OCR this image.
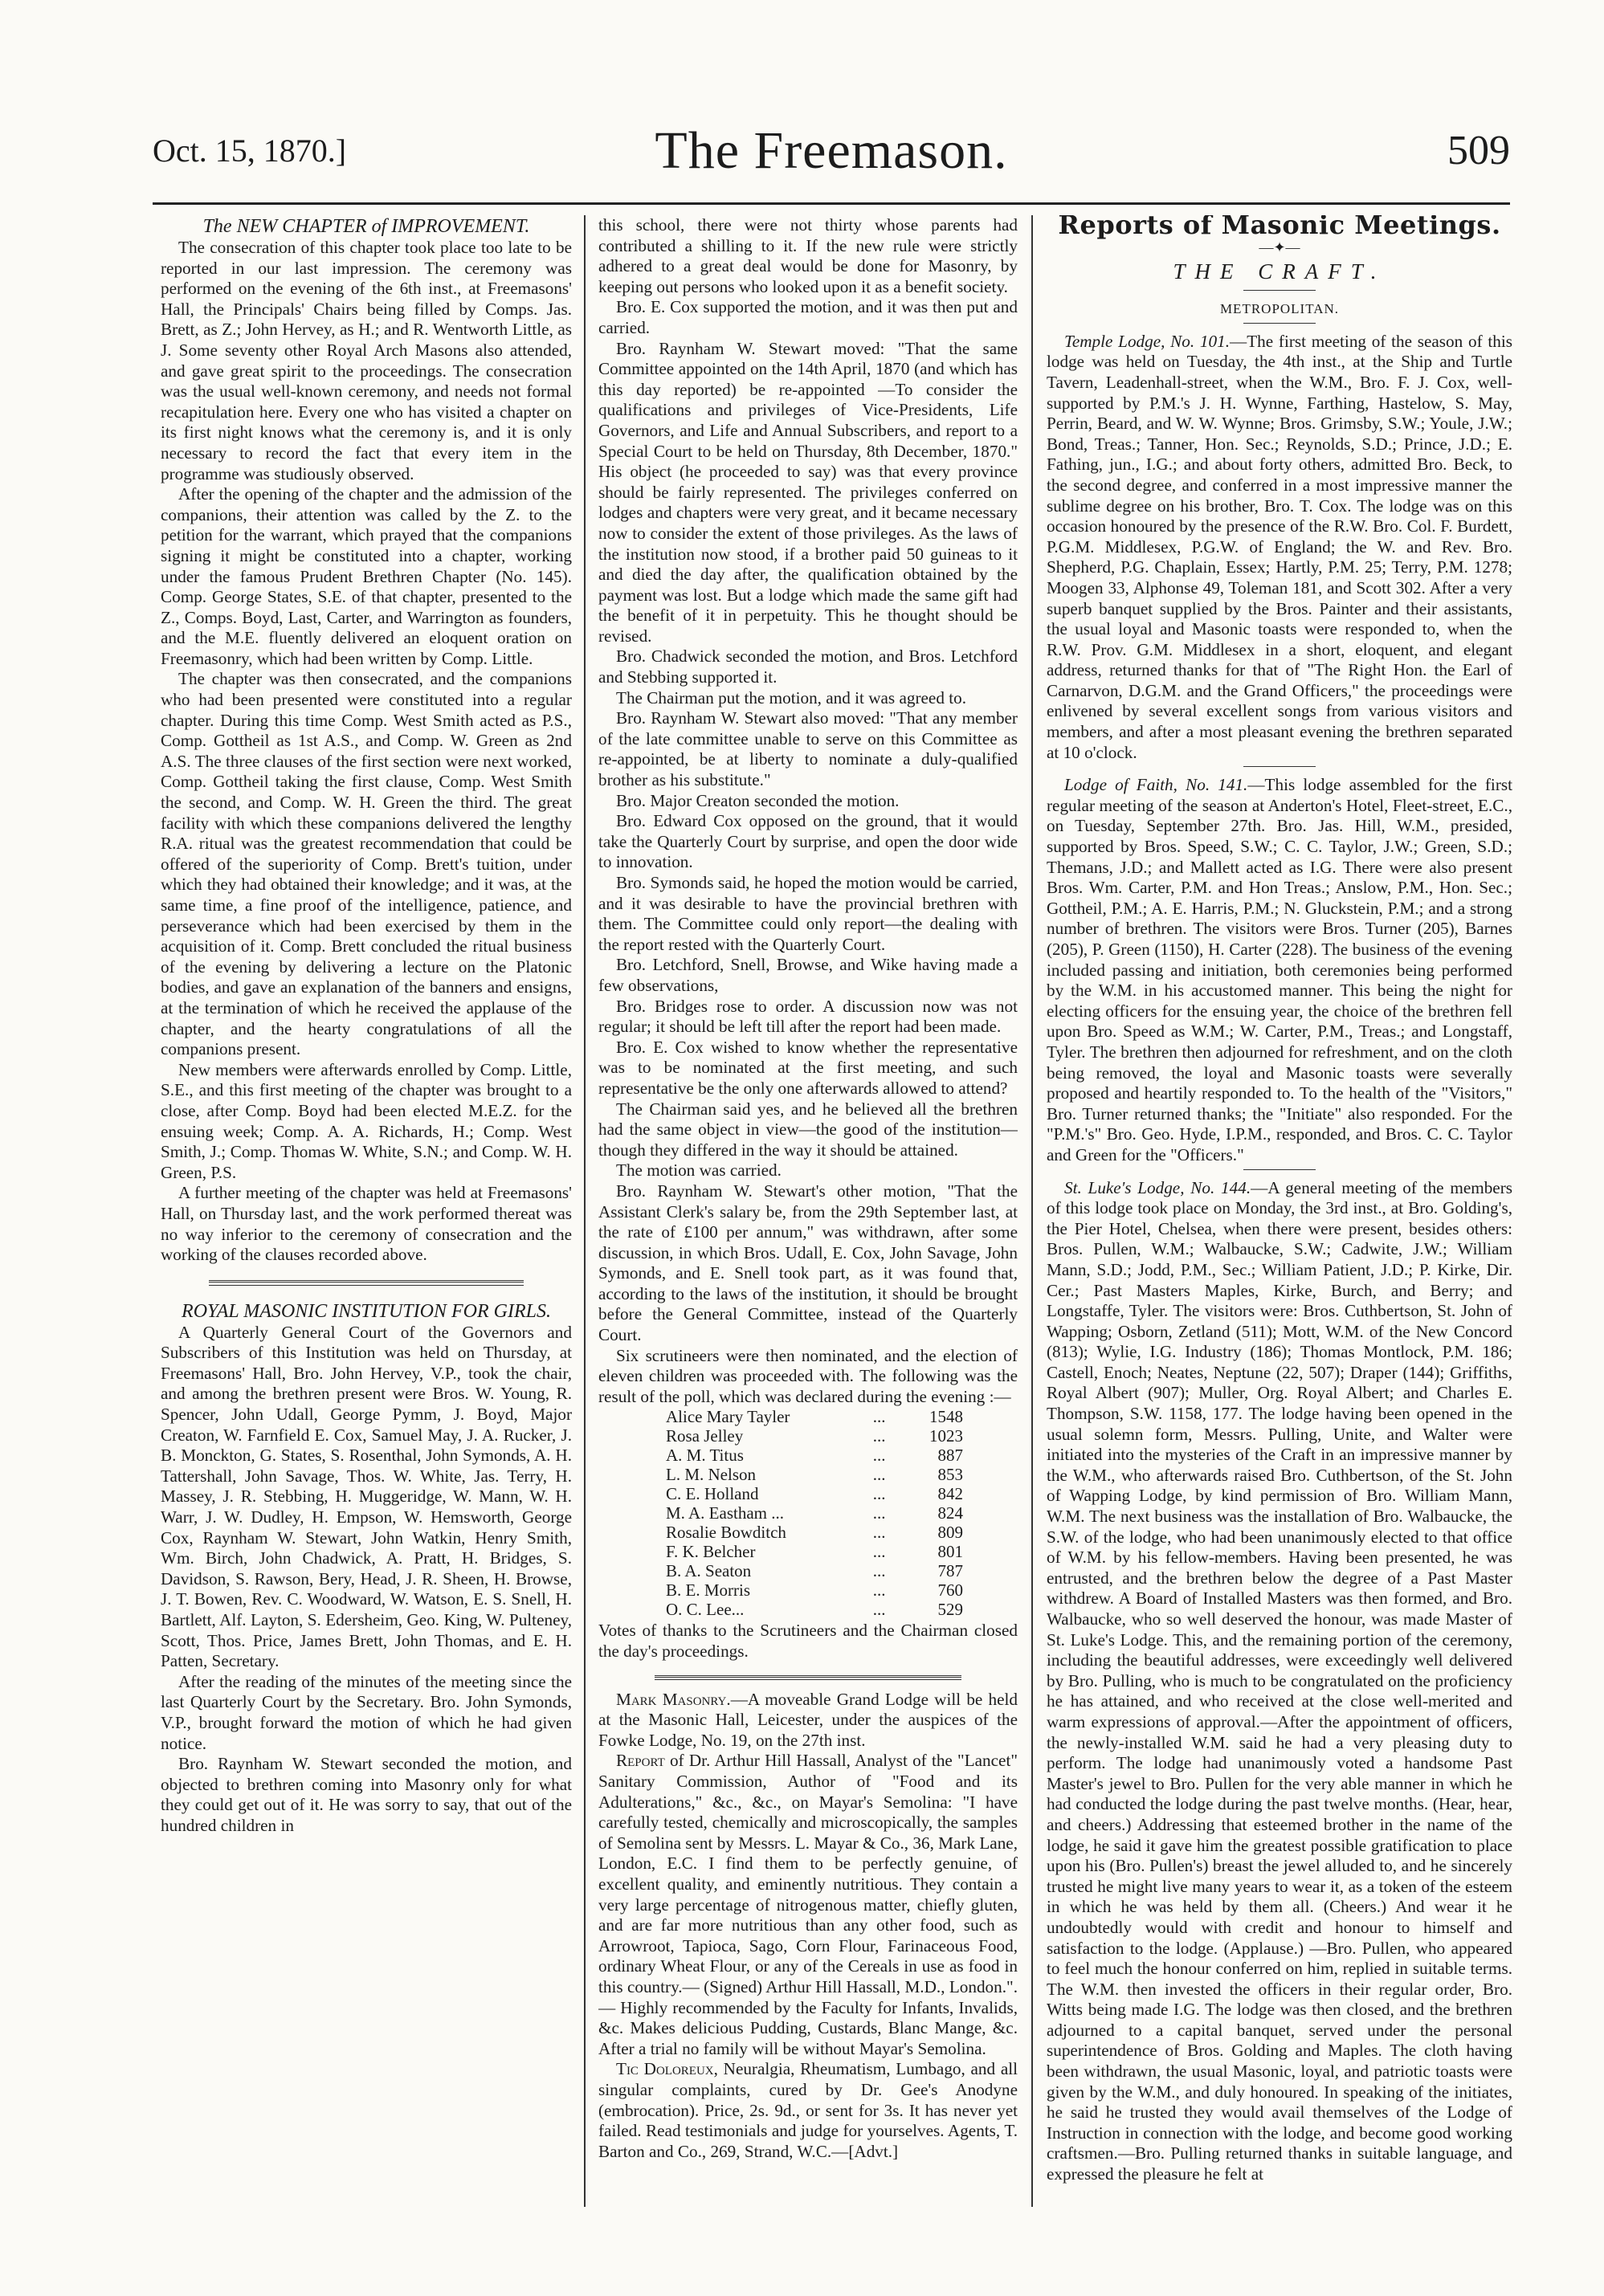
Oct. 15, 1870.]	The Freemason.	509

The NEW CHAPTER of IMPROVEMENT.

The consecration of this chapter took place too late to be reported in our last impression. The ceremony was performed on the evening of the 6th inst., at Freemasons' Hall, the Principals' Chairs being filled by Comps. Jas. Brett, as Z.; John Hervey, as H.; and R. Wentworth Little, as J. Some seventy other Royal Arch Masons also attended, and gave great spirit to the proceedings. The consecration was the usual well-known ceremony, and needs not formal recapitulation here. Every one who has visited a chapter on its first night knows what the ceremony is, and it is only necessary to record the fact that every item in the programme was studiously observed.

After the opening of the chapter and the admission of the companions, their attention was called by the Z. to the petition for the warrant, which prayed that the companions signing it might be constituted into a chapter, working under the famous Prudent Brethren Chapter (No. 145). Comp. George States, S.E. of that chapter, presented to the Z., Comps. Boyd, Last, Carter, and Warrington as founders, and the M.E. fluently delivered an eloquent oration on Freemasonry, which had been written by Comp. Little.

The chapter was then consecrated, and the companions who had been presented were constituted into a regular chapter. During this time Comp. West Smith acted as P.S., Comp. Gottheil as 1st A.S., and Comp. W. Green as 2nd A.S. The three clauses of the first section were next worked, Comp. Gottheil taking the first clause, Comp. West Smith the second, and Comp. W. H. Green the third. The great facility with which these companions delivered the lengthy R.A. ritual was the greatest recommendation that could be offered of the superiority of Comp. Brett's tuition, under which they had obtained their knowledge; and it was, at the same time, a fine proof of the intelligence, patience, and perseverance which had been exercised by them in the acquisition of it. Comp. Brett concluded the ritual business of the evening by delivering a lecture on the Platonic bodies, and gave an explanation of the banners and ensigns, at the termination of which he received the applause of the chapter, and the hearty congratulations of all the companions present.

New members were afterwards enrolled by Comp. Little, S.E., and this first meeting of the chapter was brought to a close, after Comp. Boyd had been elected M.E.Z. for the ensuing week; Comp. A. A. Richards, H.; Comp. West Smith, J.; Comp. Thomas W. White, S.N.; and Comp. W. H. Green, P.S.

A further meeting of the chapter was held at Freemasons' Hall, on Thursday last, and the work performed thereat was no way inferior to the ceremony of consecration and the working of the clauses recorded above.

ROYAL MASONIC INSTITUTION FOR GIRLS.

A Quarterly General Court of the Governors and Subscribers of this Institution was held on Thursday, at Freemasons' Hall, Bro. John Hervey, V.P., took the chair, and among the brethren present were Bros. W. Young, R. Spencer, John Udall, George Pymm, J. Boyd, Major Creaton, W. Farnfield E. Cox, Samuel May, J. A. Rucker, J. B. Monckton, G. States, S. Rosenthal, John Symonds, A. H. Tattershall, John Savage, Thos. W. White, Jas. Terry, H. Massey, J. R. Stebbing, H. Muggeridge, W. Mann, W. H. Warr, J. W. Dudley, H. Empson, W. Hemsworth, George Cox, Raynham W. Stewart, John Watkin, Henry Smith, Wm. Birch, John Chadwick, A. Pratt, H. Bridges, S. Davidson, S. Rawson, Bery, Head, J. R. Sheen, H. Browse, J. T. Bowen, Rev. C. Woodward, W. Watson, E. S. Snell, H. Bartlett, Alf. Layton, S. Edersheim, Geo. King, W. Pulteney, Scott, Thos. Price, James Brett, John Thomas, and E. H. Patten, Secretary.

After the reading of the minutes of the meeting since the last Quarterly Court by the Secretary. Bro. John Symonds, V.P., brought forward the motion of which he had given notice.

Bro. Raynham W. Stewart seconded the motion, and objected to brethren coming into Masonry only for what they could get out of it. He was sorry to say, that out of the hundred children in

this school, there were not thirty whose parents had contributed a shilling to it. If the new rule were strictly adhered to a great deal would be done for Masonry, by keeping out persons who looked upon it as a benefit society.

Bro. E. Cox supported the motion, and it was then put and carried.

Bro. Raynham W. Stewart moved: "That the same Committee appointed on the 14th April, 1870 (and which has this day reported) be re-appointed —To consider the qualifications and privileges of Vice-Presidents, Life Governors, and Life and Annual Subscribers, and report to a Special Court to be held on Thursday, 8th December, 1870." His object (he proceeded to say) was that every province should be fairly represented. The privileges conferred on lodges and chapters were very great, and it became necessary now to consider the extent of those privileges. As the laws of the institution now stood, if a brother paid 50 guineas to it and died the day after, the qualification obtained by the payment was lost. But a lodge which made the same gift had the benefit of it in perpetuity. This he thought should be revised.

Bro. Chadwick seconded the motion, and Bros. Letchford and Stebbing supported it.

The Chairman put the motion, and it was agreed to.

Bro. Raynham W. Stewart also moved: "That any member of the late committee unable to serve on this Committee as re-appointed, be at liberty to nominate a duly-qualified brother as his substitute."

Bro. Major Creaton seconded the motion.

Bro. Edward Cox opposed on the ground, that it would take the Quarterly Court by surprise, and open the door wide to innovation.

Bro. Symonds said, he hoped the motion would be carried, and it was desirable to have the provincial brethren with them. The Committee could only report—the dealing with the report rested with the Quarterly Court.

Bro. Letchford, Snell, Browse, and Wike having made a few observations,

Bro. Bridges rose to order. A discussion now was not regular; it should be left till after the report had been made.

Bro. E. Cox wished to know whether the representative was to be nominated at the first meeting, and such representative be the only one afterwards allowed to attend?

The Chairman said yes, and he believed all the brethren had the same object in view—the good of the institution—though they differed in the way it should be attained.

The motion was carried.

Bro. Raynham W. Stewart's other motion, "That the Assistant Clerk's salary be, from the 29th September last, at the rate of £100 per annum," was withdrawn, after some discussion, in which Bros. Udall, E. Cox, John Savage, John Symonds, and E. Snell took part, as it was found that, according to the laws of the institution, it should be brought before the General Committee, instead of the Quarterly Court.

Six scrutineers were then nominated, and the election of eleven children was proceeded with. The following was the result of the poll, which was declared during the evening :—

Alice Mary Tayler	...	1548
Rosa Jelley	...	1023
A. M. Titus	...	887
L. M. Nelson	...	853
C. E. Holland	...	842
M. A. Eastham ...	...	824
Rosalie Bowditch	...	809
F. K. Belcher	...	801
B. A. Seaton	...	787
B. E. Morris	...	760
O. C. Lee...	...	529

Votes of thanks to the Scrutineers and the Chairman closed the day's proceedings.

Mark Masonry.—A moveable Grand Lodge will be held at the Masonic Hall, Leicester, under the auspices of the Fowke Lodge, No. 19, on the 27th inst.

Report of Dr. Arthur Hill Hassall, Analyst of the "Lancet" Sanitary Commission, Author of "Food and its Adulterations," &c., &c., on Mayar's Semolina: "I have carefully tested, chemically and microscopically, the samples of Semolina sent by Messrs. L. Mayar & Co., 36, Mark Lane, London, E.C. I find them to be perfectly genuine, of excellent quality, and eminently nutritious. They contain a very large percentage of nitrogenous matter, chiefly gluten, and are far more nutritious than any other food, such as Arrowroot, Tapioca, Sago, Corn Flour, Farinaceous Food, ordinary Wheat Flour, or any of the Cereals in use as food in this country.— (Signed) Arthur Hill Hassall, M.D., London.". — Highly recommended by the Faculty for Infants, Invalids, &c. Makes delicious Pudding, Custards, Blanc Mange, &c. After a trial no family will be without Mayar's Semolina.

Tic Doloreux, Neuralgia, Rheumatism, Lumbago, and all singular complaints, cured by Dr. Gee's Anodyne (embrocation). Price, 2s. 9d., or sent for 3s. It has never yet failed. Read testimonials and judge for yourselves. Agents, T. Barton and Co., 269, Strand, W.C.—[Advt.]

Reports of Masonic Meetings.
—✦—
THE CRAFT.
METROPOLITAN.

Temple Lodge, No. 101.—The first meeting of the season of this lodge was held on Tuesday, the 4th inst., at the Ship and Turtle Tavern, Leadenhall-street, when the W.M., Bro. F. J. Cox, well-supported by P.M.'s J. H. Wynne, Farthing, Hastelow, S. May, Perrin, Beard, and W. W. Wynne; Bros. Grimsby, S.W.; Youle, J.W.; Bond, Treas.; Tanner, Hon. Sec.; Reynolds, S.D.; Prince, J.D.; E. Fathing, jun., I.G.; and about forty others, admitted Bro. Beck, to the second degree, and conferred in a most impressive manner the sublime degree on his brother, Bro. T. Cox. The lodge was on this occasion honoured by the presence of the R.W. Bro. Col. F. Burdett, P.G.M. Middlesex, P.G.W. of England; the W. and Rev. Bro. Shepherd, P.G. Chaplain, Essex; Hartly, P.M. 25; Terry, P.M. 1278; Moogen 33, Alphonse 49, Toleman 181, and Scott 302. After a very superb banquet supplied by the Bros. Painter and their assistants, the usual loyal and Masonic toasts were responded to, when the R.W. Prov. G.M. Middlesex in a short, eloquent, and elegant address, returned thanks for that of "The Right Hon. the Earl of Carnarvon, D.G.M. and the Grand Officers," the proceedings were enlivened by several excellent songs from various visitors and members, and after a most pleasant evening the brethren separated at 10 o'clock.

Lodge of Faith, No. 141.—This lodge assembled for the first regular meeting of the season at Anderton's Hotel, Fleet-street, E.C., on Tuesday, September 27th. Bro. Jas. Hill, W.M., presided, supported by Bros. Speed, S.W.; C. C. Taylor, J.W.; Green, S.D.; Themans, J.D.; and Mallett acted as I.G. There were also present Bros. Wm. Carter, P.M. and Hon Treas.; Anslow, P.M., Hon. Sec.; Gottheil, P.M.; A. E. Harris, P.M.; N. Gluckstein, P.M.; and a strong number of brethren. The visitors were Bros. Turner (205), Barnes (205), P. Green (1150), H. Carter (228). The business of the evening included passing and initiation, both ceremonies being performed by the W.M. in his accustomed manner. This being the night for electing officers for the ensuing year, the choice of the brethren fell upon Bro. Speed as W.M.; W. Carter, P.M., Treas.; and Longstaff, Tyler. The brethren then adjourned for refreshment, and on the cloth being removed, the loyal and Masonic toasts were severally proposed and heartily responded to. To the health of the "Visitors," Bro. Turner returned thanks; the "Initiate" also responded. For the "P.M.'s" Bro. Geo. Hyde, I.P.M., responded, and Bros. C. C. Taylor and Green for the "Officers."

St. Luke's Lodge, No. 144.—A general meeting of the members of this lodge took place on Monday, the 3rd inst., at Bro. Golding's, the Pier Hotel, Chelsea, when there were present, besides others: Bros. Pullen, W.M.; Walbaucke, S.W.; Cadwite, J.W.; William Mann, S.D.; Jodd, P.M., Sec.; William Patient, J.D.; P. Kirke, Dir. Cer.; Past Masters Maples, Kirke, Burch, and Berry; and Longstaffe, Tyler. The visitors were: Bros. Cuthbertson, St. John of Wapping; Osborn, Zetland (511); Mott, W.M. of the New Concord (813); Wylie, I.G. Industry (186); Thomas Montlock, P.M. 186; Castell, Enoch; Neates, Neptune (22, 507); Draper (144); Griffiths, Royal Albert (907); Muller, Org. Royal Albert; and Charles E. Thompson, S.W. 1158, 177. The lodge having been opened in the usual solemn form, Messrs. Pulling, Unite, and Walter were initiated into the mysteries of the Craft in an impressive manner by the W.M., who afterwards raised Bro. Cuthbertson, of the St. John of Wapping Lodge, by kind permission of Bro. William Mann, W.M. The next business was the installation of Bro. Walbaucke, the S.W. of the lodge, who had been unanimously elected to that office of W.M. by his fellow-members. Having been presented, he was entrusted, and the brethren below the degree of a Past Master withdrew. A Board of Installed Masters was then formed, and Bro. Walbaucke, who so well deserved the honour, was made Master of St. Luke's Lodge. This, and the remaining portion of the ceremony, including the beautiful addresses, were exceedingly well delivered by Bro. Pulling, who is much to be congratulated on the proficiency he has attained, and who received at the close well-merited and warm expressions of approval.—After the appointment of officers, the newly-installed W.M. said he had a very pleasing duty to perform. The lodge had unanimously voted a handsome Past Master's jewel to Bro. Pullen for the very able manner in which he had conducted the lodge during the past twelve months. (Hear, hear, and cheers.) Addressing that esteemed brother in the name of the lodge, he said it gave him the greatest possible gratification to place upon his (Bro. Pullen's) breast the jewel alluded to, and he sincerely trusted he might live many years to wear it, as a token of the esteem in which he was held by them all. (Cheers.) And wear it he undoubtedly would with credit and honour to himself and satisfaction to the lodge. (Applause.) —Bro. Pullen, who appeared to feel much the honour conferred on him, replied in suitable terms. The W.M. then invested the officers in their regular order, Bro. Witts being made I.G. The lodge was then closed, and the brethren adjourned to a capital banquet, served under the personal superintendence of Bros. Golding and Maples. The cloth having been withdrawn, the usual Masonic, loyal, and patriotic toasts were given by the W.M., and duly honoured. In speaking of the initiates, he said he trusted they would avail themselves of the Lodge of Instruction in connection with the lodge, and become good working craftsmen.—Bro. Pulling returned thanks in suitable language, and expressed the pleasure he felt at
